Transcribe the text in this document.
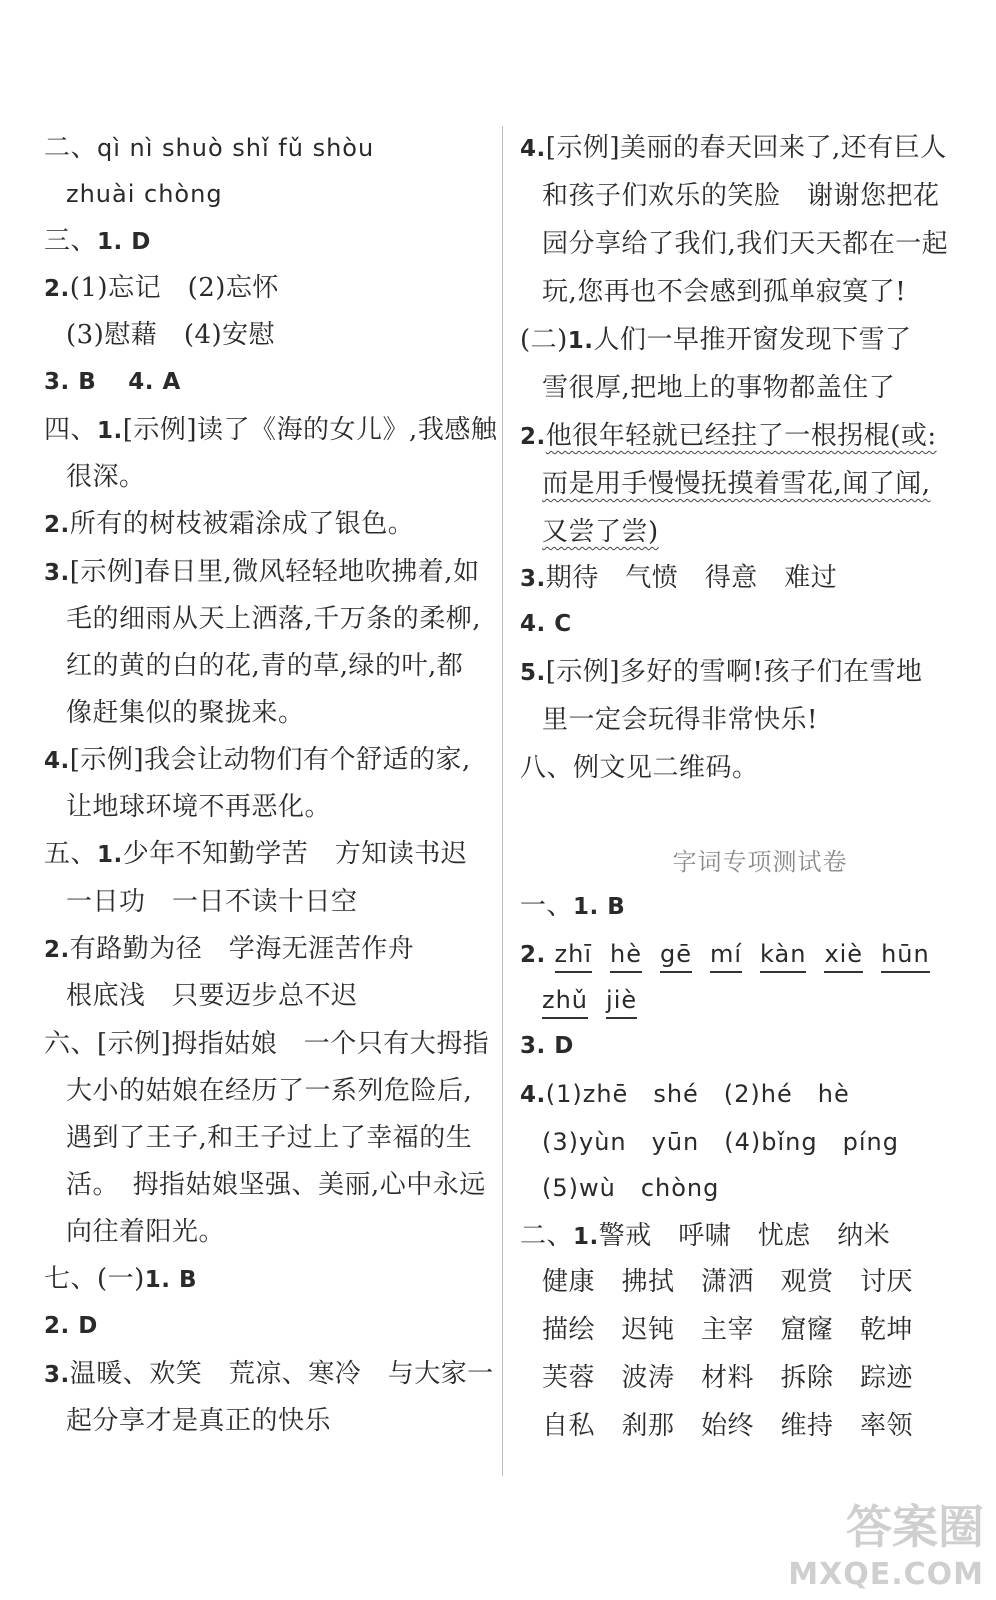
二、qì nì shuò shǐ fǔ shòu
zhuài chòng
三、1. D
2.(1)忘记　(2)忘怀
(3)慰藉　(4)安慰
3. B　 4. A
四、1.[示例]读了《海的女儿》,我感触
很深。
2.所有的树枝被霜涂成了银色。
3.[示例]春日里,微风轻轻地吹拂着,如
毛的细雨从天上洒落,千万条的柔柳,
红的黄的白的花,青的草,绿的叶,都
像赶集似的聚拢来。
4.[示例]我会让动物们有个舒适的家,
让地球环境不再恶化。
五、1.少年不知勤学苦　方知读书迟
一日功　一日不读十日空
2.有路勤为径　学海无涯苦作舟
根底浅　只要迈步总不迟
六、[示例]拇指姑娘　一个只有大拇指
大小的姑娘在经历了一系列危险后,
遇到了王子,和王子过上了幸福的生
活。　拇指姑娘坚强、美丽,心中永远
向往着阳光。
七、(一)1. B
2. D
3.温暖、欢笑　荒凉、寒冷　与大家一
起分享才是真正的快乐
4.[示例]美丽的春天回来了,还有巨人
和孩子们欢乐的笑脸　谢谢您把花
园分享给了我们,我们天天都在一起
玩,您再也不会感到孤单寂寞了!
(二)1.人们一早推开窗发现下雪了
雪很厚,把地上的事物都盖住了
2.他很年轻就已经拄了一根拐棍(或:
而是用手慢慢抚摸着雪花,闻了闻,
又尝了尝)
3.期待　气愤　得意　难过
4. C
5.[示例]多好的雪啊!孩子们在雪地
里一定会玩得非常快乐!
八、例文见二维码。
字词专项测试卷
一、1. B
2. zhī hè gē mí kàn xiè hūn
zhǔ jiè
3. D
4.(1)zhē　shé　(2)hé　hè
(3)yùn　yūn　(4)bǐng　píng
(5)wù　chòng
二、1.警戒　呼啸　忧虑　纳米
健康　拂拭　潇洒　观赏　讨厌
描绘　迟钝　主宰　窟窿　乾坤
芙蓉　波涛　材料　拆除　踪迹
自私　刹那　始终　维持　率领
答案圈
MXQE.COM
